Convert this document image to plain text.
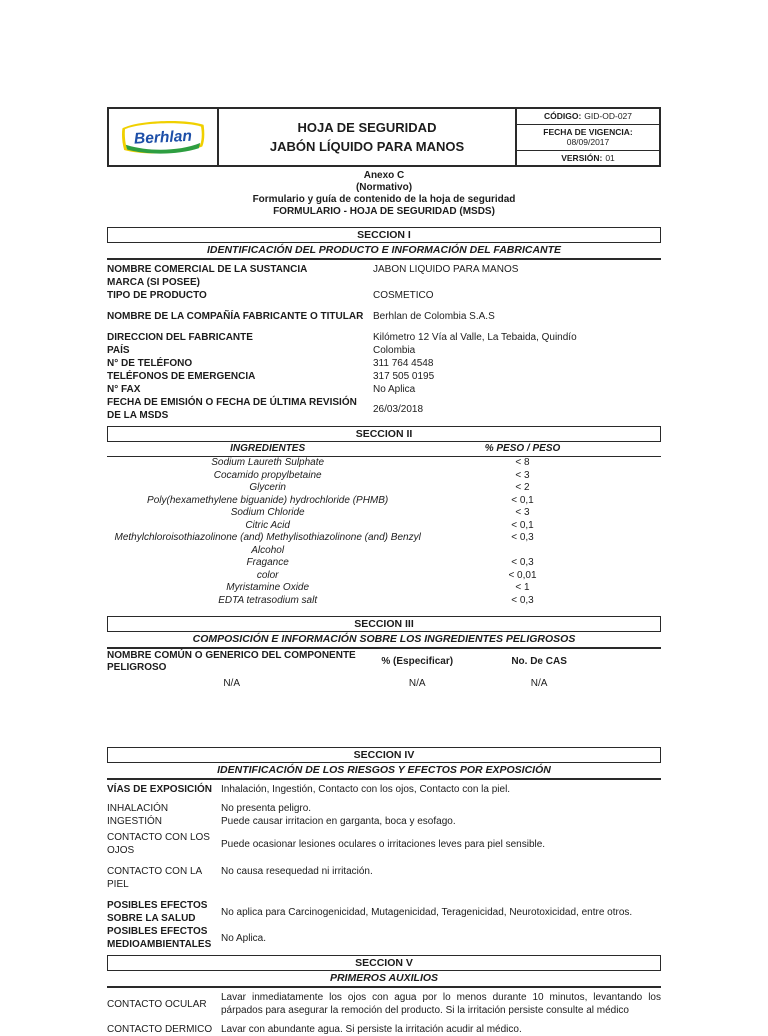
Berhlan
HOJA DE SEGURIDAD
JABÓN LÍQUIDO PARA MANOS
CÓDIGO: GID-OD-027
FECHA DE VIGENCIA:
08/09/2017
VERSIÓN: 01
Anexo C
(Normativo)
Formulario y guía de contenido de la hoja de seguridad
FORMULARIO - HOJA DE SEGURIDAD (MSDS)
SECCION I
IDENTIFICACIÓN DEL PRODUCTO E INFORMACIÓN DEL FABRICANTE
NOMBRE COMERCIAL DE LA SUSTANCIA	JABON LIQUIDO PARA MANOS
MARCA (SI POSEE)
TIPO DE PRODUCTO	COSMETICO
NOMBRE DE LA COMPAÑÍA FABRICANTE O TITULAR Berhlan de Colombia S.A.S
DIRECCION DEL FABRICANTE	Kilómetro 12 Vía al Valle, La Tebaida, Quindío
PAÍS	Colombia
N° DE TELÉFONO	311 764 4548
TELÉFONOS DE EMERGENCIA	317 505 0195
N° FAX	No Aplica
FECHA DE EMISIÓN O FECHA DE ÚLTIMA REVISIÓN DE LA MSDS
26/03/2018
SECCION II
INGREDIENTES	% PESO / PESO
Sodium Laureth Sulphate	< 8
Cocamido propylbetaine	< 3
Glycerin	< 2
Poly(hexamethylene biguanide) hydrochloride (PHMB)	< 0,1
Sodium Chloride	< 3
Citric Acid	< 0,1
Methylchloroisothiazolinone (and) Methylisothiazolinone (and) Benzyl Alcohol
< 0,3
Fragance	< 0,3
color	< 0,01
Myristamine Oxide	< 1
EDTA tetrasodium salt	< 0,3
SECCION III
COMPOSICIÓN E INFORMACIÓN SOBRE LOS INGREDIENTES PELIGROSOS
NOMBRE COMÚN O GENERICO DEL COMPONENTE PELIGROSO
% (Especificar)	No. De CAS
N/A	N/A	N/A
SECCION IV
IDENTIFICACIÓN DE LOS RIESGOS Y EFECTOS POR EXPOSICIÓN
VÍAS DE EXPOSICIÓN Inhalación, Ingestión, Contacto con los ojos, Contacto con la piel.
INHALACIÓN	No presenta peligro.
INGESTIÓN	Puede causar irritacion en garganta, boca y esofago.
CONTACTO CON LOS OJOS
Puede ocasionar lesiones oculares o irritaciones leves para piel sensible.
CONTACTO CON LA PIEL
No causa resequedad ni irritación.
POSIBLES EFECTOS SOBRE LA SALUD
No aplica para Carcinogenicidad, Mutagenicidad, Teragenicidad, Neurotoxicidad, entre otros.
POSIBLES EFECTOS MEDIOAMBIENTALES
No Aplica.
SECCION V
PRIMEROS AUXILIOS
CONTACTO OCULAR
Lavar inmediatamente los ojos con agua por lo menos durante 10 minutos, levantando los párpados para asegurar la remoción del producto. Si la irritación persiste consulte al médico
CONTACTO DERMICO Lavar con abundante agua. Si persiste la irritación acudir al médico.
